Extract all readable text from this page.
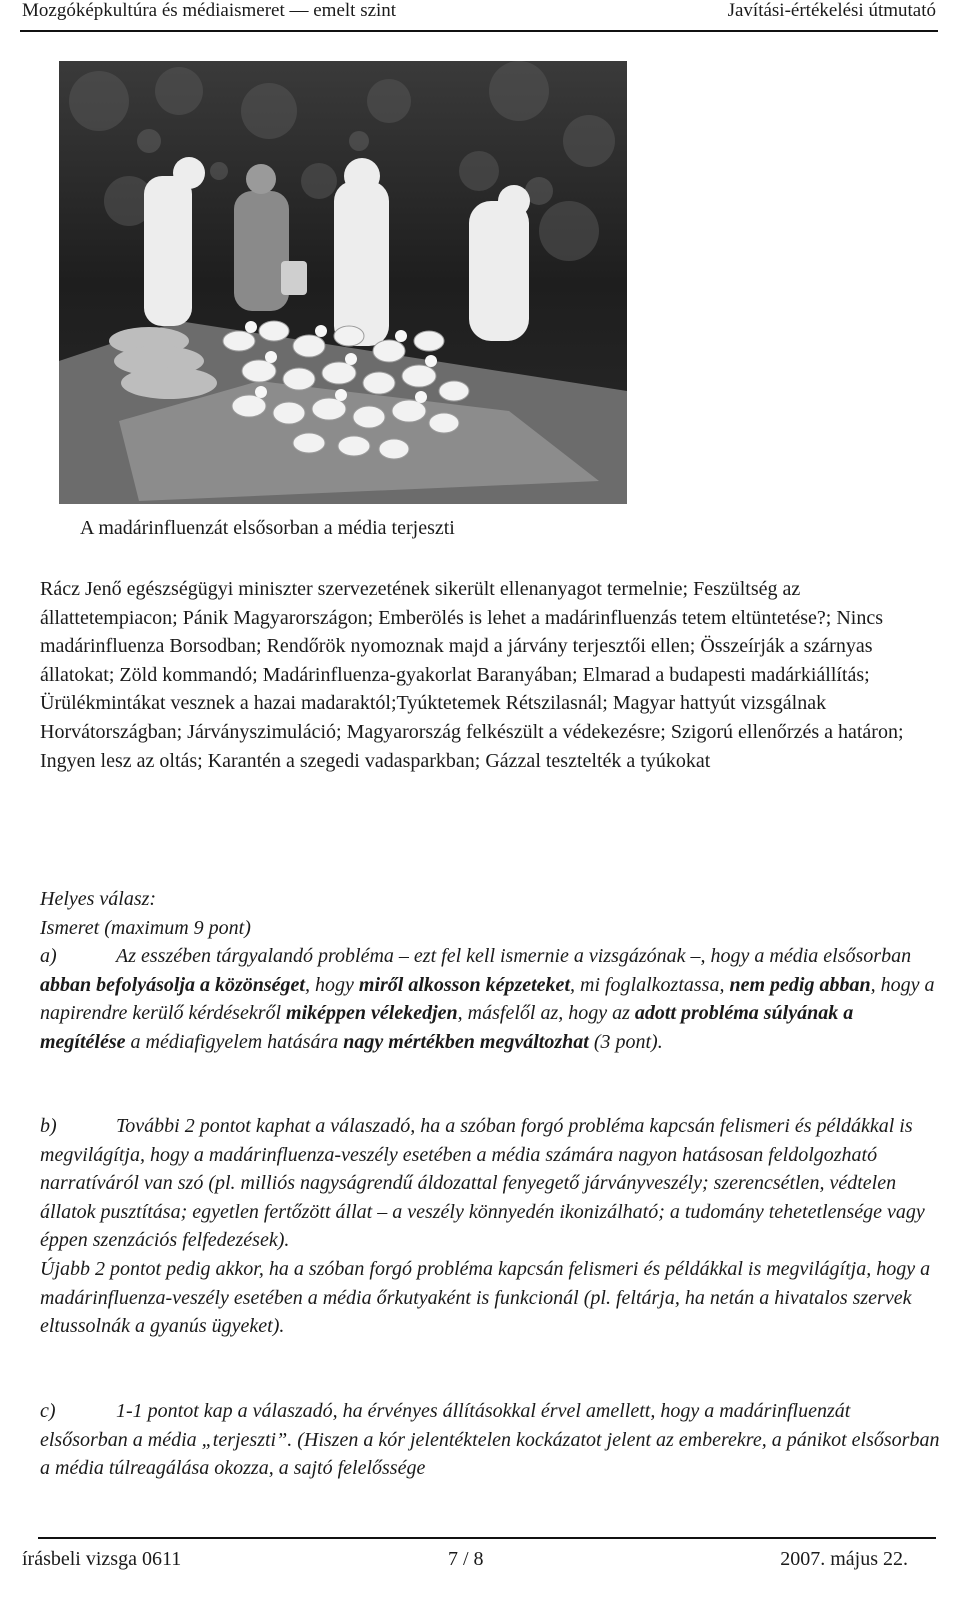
Mozgóképkultúra és médiaismeret — emelt szint	Javítási-értékelési útmutató
A madárinfluenzát elsősorban a média terjeszti
Rácz Jenő egészségügyi miniszter szervezetének sikerült ellenanyagot termelnie; Feszültség az állattetempiacon; Pánik Magyarországon; Emberölés is lehet a madárinfluenzás tetem eltüntetése?; Nincs madárinfluenza Borsodban; Rendőrök nyomoznak majd a járvány terjesztői ellen; Összeírják a szárnyas állatokat; Zöld kommandó; Madárinfluenza-gyakorlat Baranyában; Elmarad a budapesti madárkiállítás; Ürülékmintákat vesznek a hazai madaraktól;Tyúktetemek Rétszilasnál; Magyar hattyút vizsgálnak Horvátországban; Járványszimuláció; Magyarország felkészült a védekezésre; Szigorú ellenőrzés a határon; Ingyen lesz az oltás; Karantén a szegedi vadasparkban; Gázzal tesztelték a tyúkokat
Helyes válasz:
Ismeret (maximum 9 pont)
a)	Az esszében tárgyalandó probléma – ezt fel kell ismernie a vizsgázónak –, hogy a média elsősorban abban befolyásolja a közönséget, hogy miről alkosson képzeteket, mi foglalkoztassa, nem pedig abban, hogy a napirendre kerülő kérdésekről miképpen vélekedjen, másfelől az, hogy az adott probléma súlyának a megítélése a médiafigyelem hatására nagy mértékben megváltozhat (3 pont).
b)	További 2 pontot kaphat a válaszadó, ha a szóban forgó probléma kapcsán felismeri és példákkal is megvilágítja, hogy a madárinfluenza-veszély esetében a média számára nagyon hatásosan feldolgozható narratíváról van szó (pl. milliós nagyságrendű áldozattal fenyegető járványveszély; szerencsétlen, védtelen állatok pusztítása; egyetlen fertőzött állat – a veszély könnyedén ikonizálható; a tudomány tehetetlensége vagy éppen szenzációs felfedezések).
Újabb 2 pontot pedig akkor, ha a szóban forgó probléma kapcsán felismeri és példákkal is megvilágítja, hogy a madárinfluenza-veszély esetében a média őrkutyaként is funkcionál (pl. feltárja, ha netán a hivatalos szervek eltussolnák a gyanús ügyeket).
c)	1-1 pontot kap a válaszadó, ha érvényes állításokkal érvel amellett, hogy a madárinfluenzát elsősorban a média „terjeszti”. (Hiszen a kór jelentéktelen kockázatot jelent az emberekre, a pánikot elsősorban a média túlreagálása okozza, a sajtó felelőssége
írásbeli vizsga 0611	7 / 8	2007. május 22.
